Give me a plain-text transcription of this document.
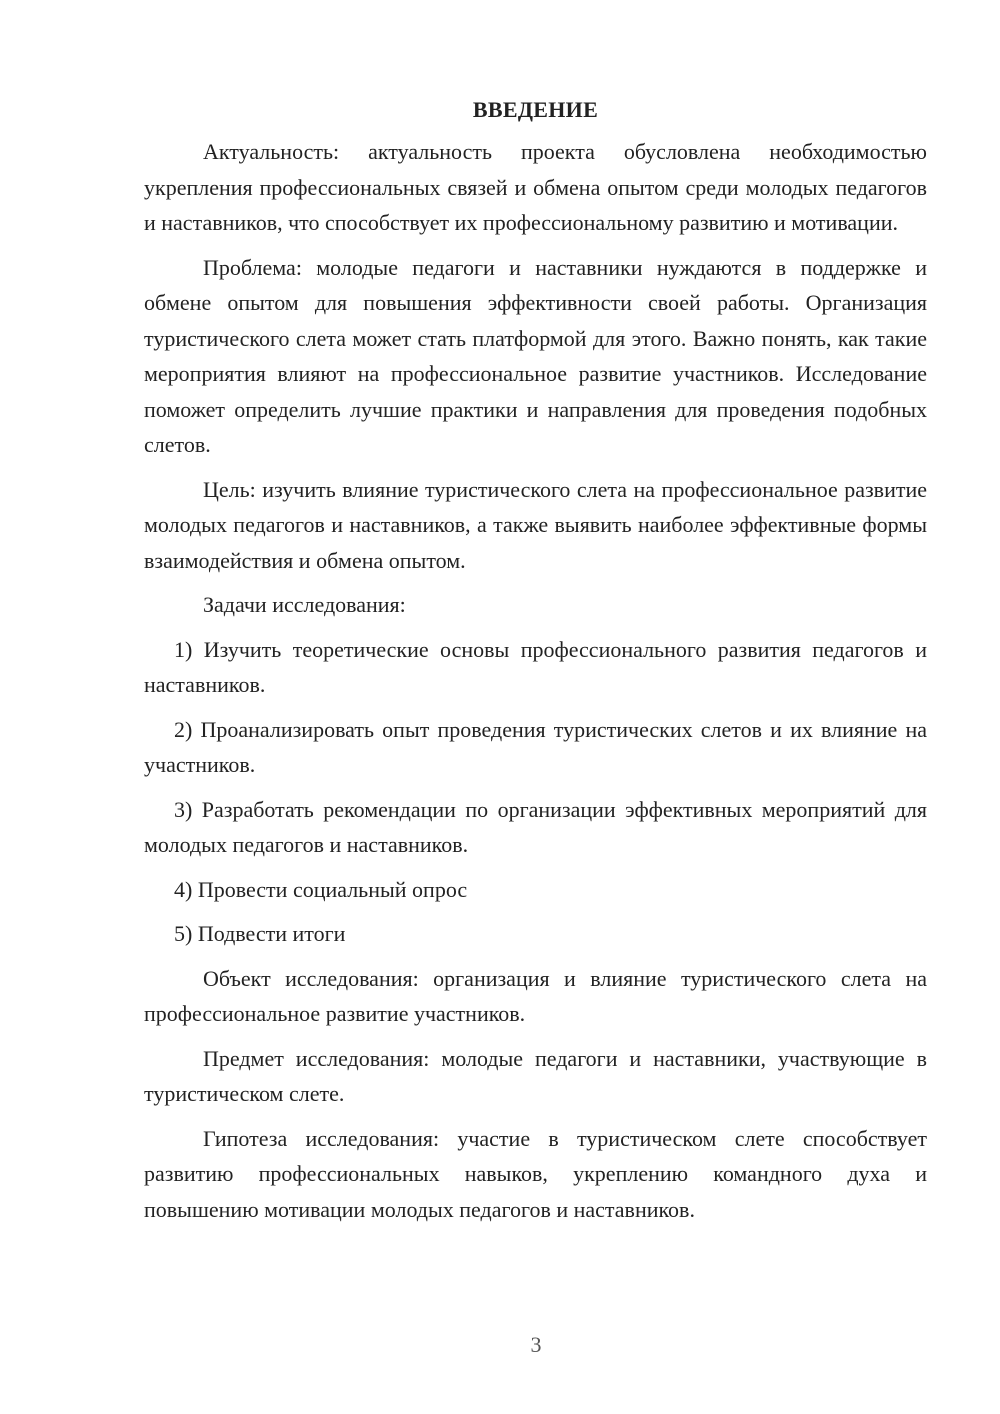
ВВЕДЕНИЕ

Актуальность: актуальность проекта обусловлена необходимостью укрепления профессиональных связей и обмена опытом среди молодых педагогов и наставников, что способствует их профессиональному развитию и мотивации.

Проблема: молодые педагоги и наставники нуждаются в поддержке и обмене опытом для повышения эффективности своей работы. Организация туристического слета может стать платформой для этого. Важно понять, как такие мероприятия влияют на профессиональное развитие участников. Исследование поможет определить лучшие практики и направления для проведения подобных слетов.

Цель: изучить влияние туристического слета на профессиональное развитие молодых педагогов и наставников, а также выявить наиболее эффективные формы взаимодействия и обмена опытом.

Задачи исследования:

1) Изучить теоретические основы профессионального развития педагогов и наставников.

2) Проанализировать опыт проведения туристических слетов и их влияние на участников.

3) Разработать рекомендации по организации эффективных мероприятий для молодых педагогов и наставников.

4) Провести социальный опрос

5) Подвести итоги

Объект исследования: организация и влияние туристического слета на профессиональное развитие участников.

Предмет исследования: молодые педагоги и наставники, участвующие в туристическом слете.

Гипотеза исследования: участие в туристическом слете способствует развитию профессиональных навыков, укреплению командного духа и повышению мотивации молодых педагогов и наставников.

3
